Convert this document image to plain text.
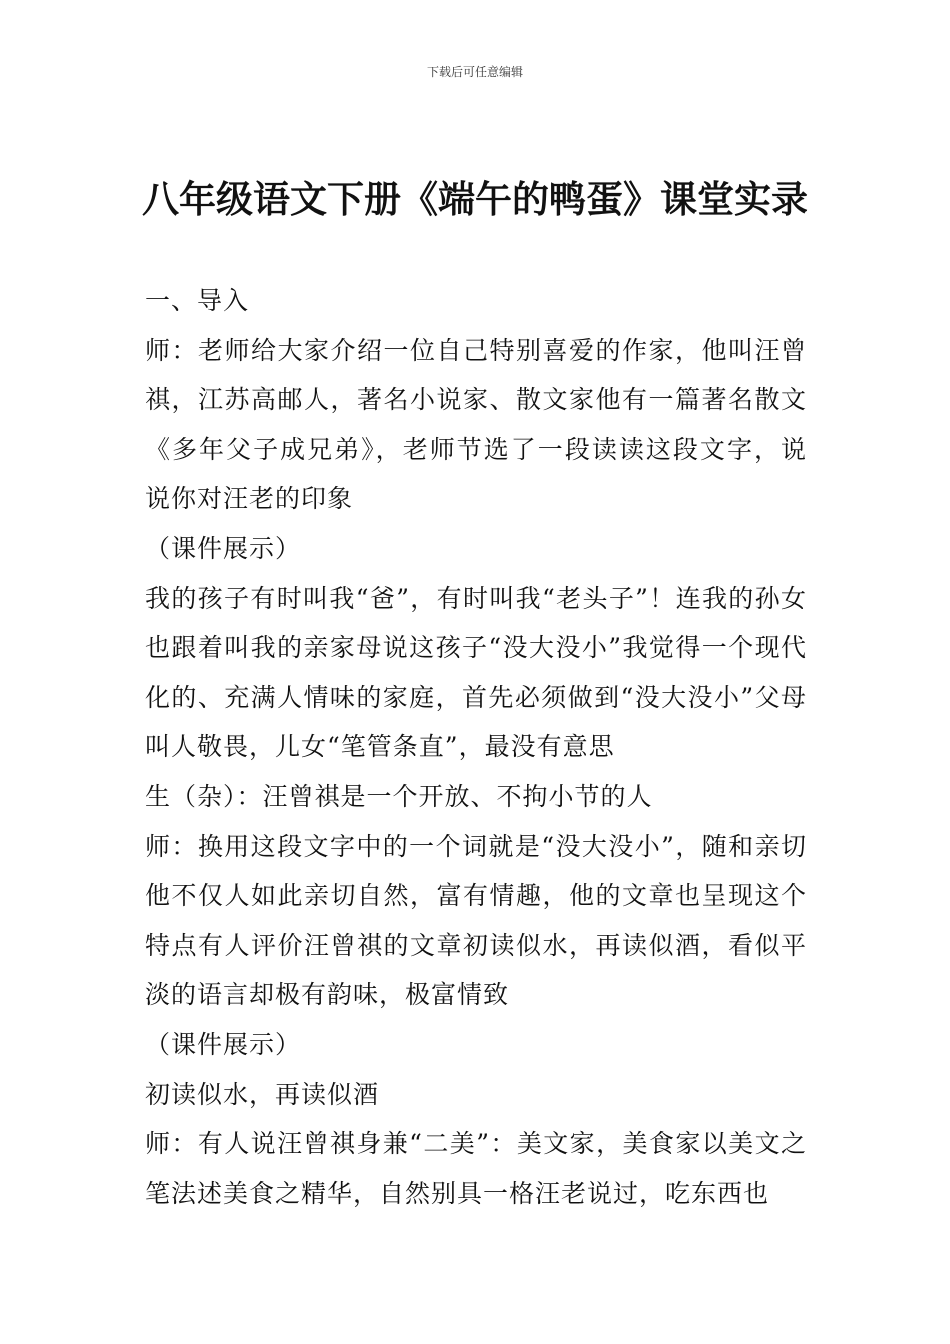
下载后可任意编辑
八年级语文下册《端午的鸭蛋》课堂实录

一、导入

师：老师给大家介绍一位自己特别喜爱的作家，他叫汪曾祺，江苏高邮人，著名小说家、散文家他有一篇著名散文《多年父子成兄弟》，老师节选了一段读读这段文字，说说你对汪老的印象

（课件展示）

我的孩子有时叫我“爸”，有时叫我“老头子”！连我的孙女也跟着叫我的亲家母说这孩子“没大没小”我觉得一个现代化的、充满人情味的家庭，首先必须做到“没大没小”父母叫人敬畏，儿女“笔管条直”，最没有意思

生（杂）：汪曾祺是一个开放、不拘小节的人

师：换用这段文字中的一个词就是“没大没小”，随和亲切他不仅人如此亲切自然，富有情趣，他的文章也呈现这个特点有人评价汪曾祺的文章初读似水，再读似酒，看似平淡的语言却极有韵味，极富情致

（课件展示）

初读似水，再读似酒

师：有人说汪曾祺身兼“二美”：美文家，美食家以美文之笔法述美食之精华，自然别具一格汪老说过，吃东西也
